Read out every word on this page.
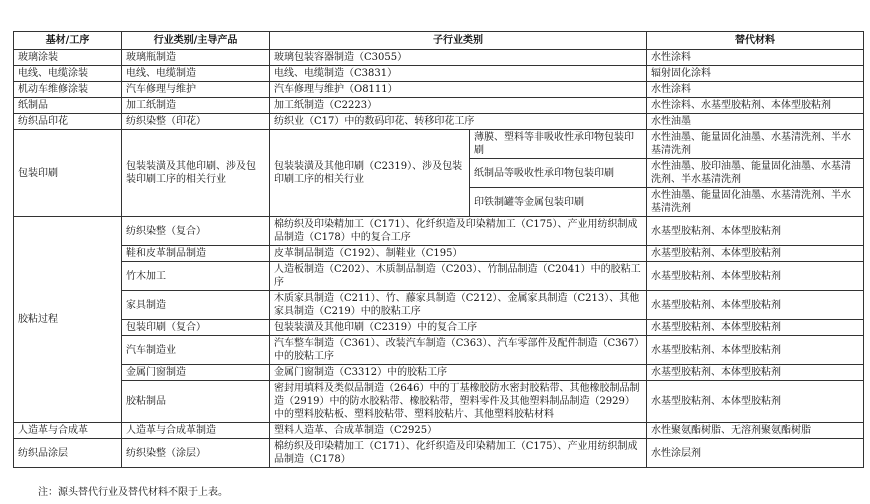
基材/工序	行业类别/主导产品	子行业类别		替代材料
玻璃涂装	玻璃瓶制造	玻璃包装容器制造（C3055）		水性涂料
电线、电缆涂装	电线、电缆制造	电线、电缆制造（C3831）		辐射固化涂料
机动车维修涂装	汽车修理与维护	汽车修理与维护（O8111）		水性涂料
纸制品	加工纸制造	加工纸制造（C2223）		水性涂料、水基型胶粘剂、本体型胶粘剂
纺织品印花	纺织染整（印花）	纺织业（C17）中的数码印花、转移印花工序		水性油墨
包装印刷	包装装潢及其他印刷、涉及包装印刷工序的相关行业	包装装潢及其他印刷（C2319）、涉及包装印刷工序的相关行业	薄膜、塑料等非吸收性承印物包装印刷	水性油墨、能量固化油墨、水基清洗剂、半水基清洗剂
			纸制品等吸收性承印物包装印刷	水性油墨、胶印油墨、能量固化油墨、水基清洗剂、半水基清洗剂
			印铁制罐等金属包装印刷	水性油墨、能量固化油墨、水基清洗剂、半水基清洗剂
胶粘过程	纺织染整（复合）	棉纺织及印染精加工（C171）、化纤织造及印染精加工（C175）、产业用纺织制成品制造（C178）中的复合工序		水基型胶粘剂、本体型胶粘剂
	鞋和皮革制品制造	皮革制品制造（C192）、制鞋业（C195）		水基型胶粘剂、本体型胶粘剂
	竹木加工	人造板制造（C202）、木质制品制造（C203）、竹制品制造（C2041）中的胶粘工序		水基型胶粘剂、本体型胶粘剂
	家具制造	木质家具制造（C211）、竹、藤家具制造（C212）、金属家具制造（C213）、其他家具制造（C219）中的胶粘工序		水基型胶粘剂、本体型胶粘剂
	包装印刷（复合）	包装装潢及其他印刷（C2319）中的复合工序		水基型胶粘剂、本体型胶粘剂
	汽车制造业	汽车整车制造（C361）、改装汽车制造（C363）、汽车零部件及配件制造（C367）中的胶粘工序		水基型胶粘剂、本体型胶粘剂
	金属门窗制造	金属门窗制造（C3312）中的胶粘工序		水基型胶粘剂、本体型胶粘剂
	胶粘制品	密封用填料及类似品制造（2646）中的丁基橡胶防水密封胶粘带、其他橡胶制品制造（2919）中的防水胶粘带、橡胶粘带，塑料零件及其他塑料制品制造（2929）中的塑料胶粘板、塑料胶粘带、塑料胶粘片、其他塑料胶粘材料		水基型胶粘剂、本体型胶粘剂
人造革与合成革	人造革与合成革制造	塑料人造革、合成革制造（C2925）		水性聚氨酯树脂、无溶剂聚氨酯树脂
纺织品涂层	纺织染整（涂层）	棉纺织及印染精加工（C171）、化纤织造及印染精加工（C175）、产业用纺织制成品制造（C178）		水性涂层剂
注：源头替代行业及替代材料不限于上表。
